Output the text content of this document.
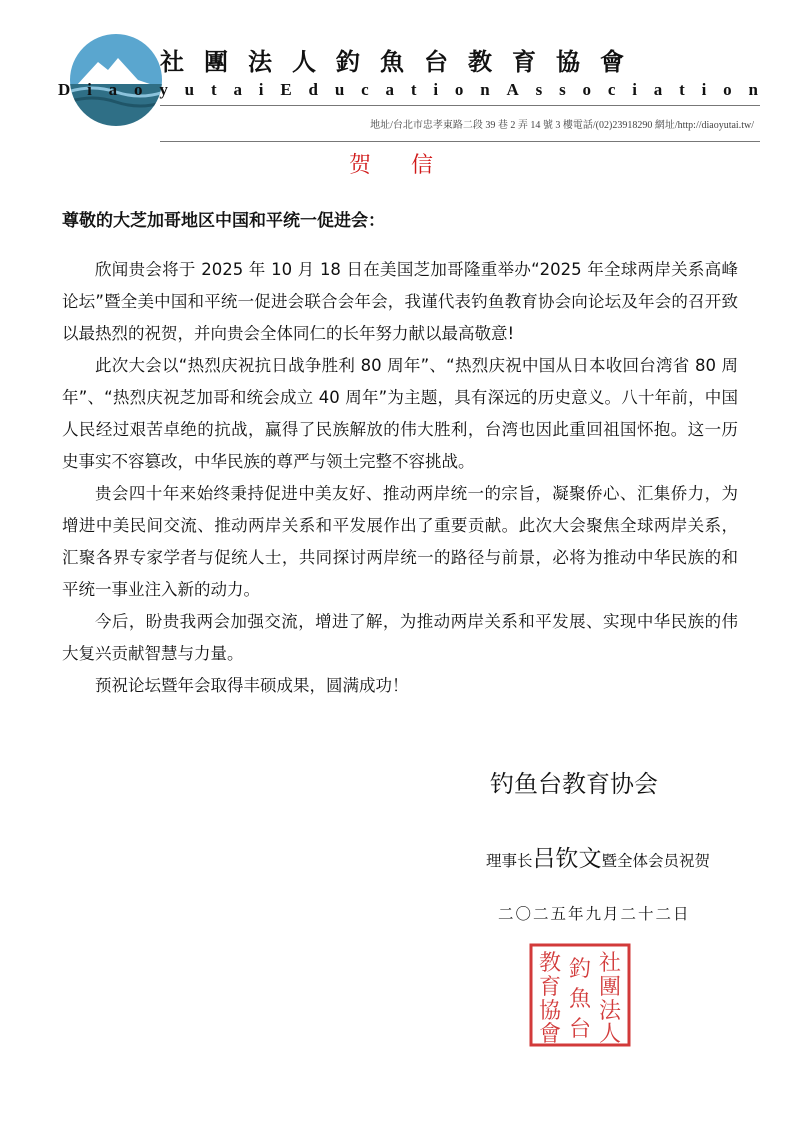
社團法人釣魚台教育協會
D i a o y u t a i E d u c a t i o n A s s o c i a t i o n
地址/台北市忠孝東路二段 39 巷 2 弄 14 號 3 樓電話/(02)23918290 網址/http://diaoyutai.tw/
贺信
尊敬的大芝加哥地区中国和平统一促进会：

欣闻贵会将于 2025 年 10 月 18 日在美国芝加哥隆重举办“2025 年全球两岸关系高峰论坛”暨全美中国和平统一促进会联合会年会，我谨代表钓鱼教育协会向论坛及年会的召开致以最热烈的祝贺，并向贵会全体同仁的长年努力献以最高敬意!

此次大会以“热烈庆祝抗日战争胜利 80 周年”、“热烈庆祝中国从日本收回台湾省 80 周年”、“热烈庆祝芝加哥和统会成立 40 周年”为主题，具有深远的历史意义。八十年前，中国人民经过艰苦卓绝的抗战，赢得了民族解放的伟大胜利，台湾也因此重回祖国怀抱。这一历史事实不容篡改，中华民族的尊严与领土完整不容挑战。

贵会四十年来始终秉持促进中美友好、推动两岸统一的宗旨，凝聚侨心、汇集侨力，为增进中美民间交流、推动两岸关系和平发展作出了重要贡献。此次大会聚焦全球两岸关系，汇聚各界专家学者与促统人士，共同探讨两岸统一的路径与前景，必将为推动中华民族的和平统一事业注入新的动力。

今后，盼贵我两会加强交流，增进了解，为推动两岸关系和平发展、实现中华民族的伟大复兴贡献智慧与力量。

预祝论坛暨年会取得丰硕成果，圆满成功！

钓鱼台教育协会
理事长吕钦文暨全体会员祝贺
二〇二五年九月二十二日
社
團
法
人
釣
魚
台
教
育
協
會
